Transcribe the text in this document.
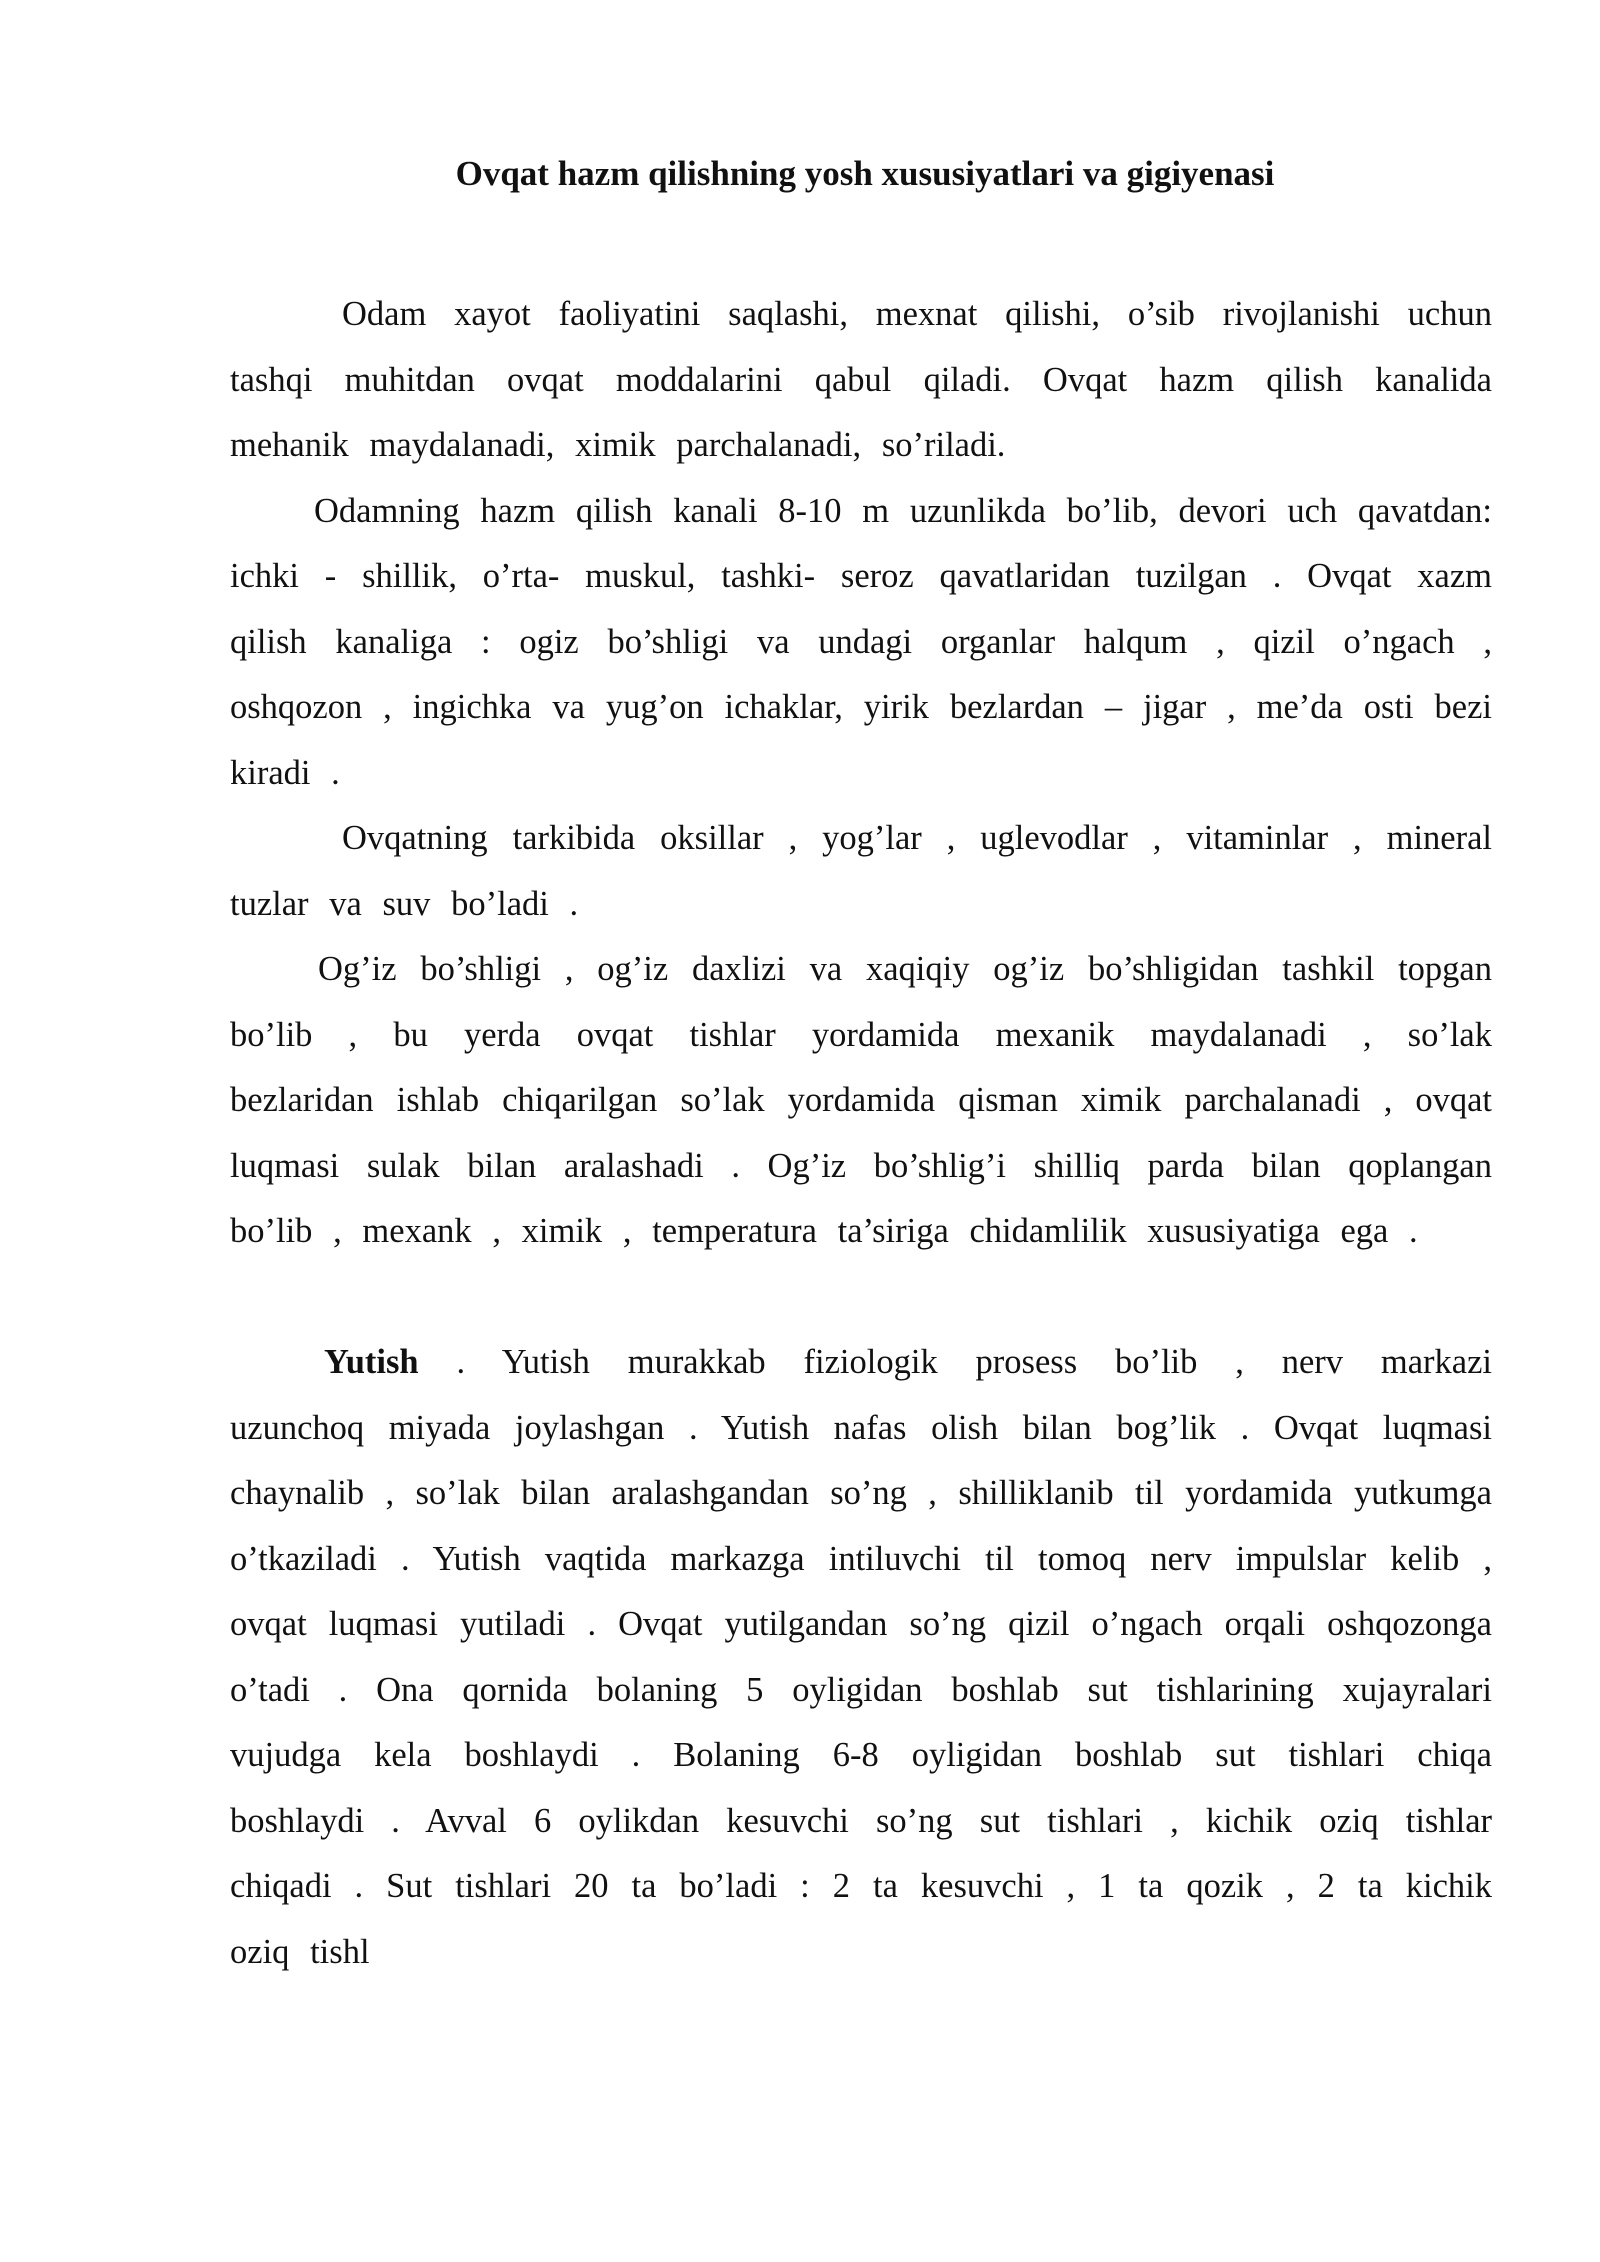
Ovqat hazm qilishning yosh xususiyatlari va gigiyenasi

Odam xayot faoliyatini saqlashi, mexnat qilishi, o’sib rivojlanishi uchun tashqi muhitdan ovqat moddalarini qabul qiladi. Ovqat hazm qilish kanalida mehanik maydalanadi, ximik parchalanadi, so’riladi.

Odamning hazm qilish kanali 8-10 m uzunlikda bo’lib, devori uch qavatdan: ichki - shillik, o’rta- muskul, tashki- seroz qavatlaridan tuzilgan . Ovqat xazm qilish kanaliga : ogiz bo’shligi va undagi organlar halqum , qizil o’ngach , oshqozon , ingichka va yug’on ichaklar, yirik bezlardan – jigar , me’da osti bezi kiradi .

Ovqatning tarkibida oksillar , yog’lar , uglevodlar , vitaminlar , mineral tuzlar va suv bo’ladi .

Og’iz bo’shligi , og’iz daxlizi va xaqiqiy og’iz bo’shligidan tashkil topgan bo’lib , bu yerda ovqat tishlar yordamida mexanik maydalanadi , so’lak bezlaridan ishlab chiqarilgan so’lak yordamida qisman ximik parchalanadi , ovqat luqmasi sulak bilan aralashadi . Og’iz bo’shlig’i shilliq parda bilan qoplangan bo’lib , mexank , ximik , temperatura ta’siriga chidamlilik xususiyatiga ega .

Yutish . Yutish murakkab fiziologik prosess bo’lib , nerv markazi uzunchoq miyada joylashgan . Yutish nafas olish bilan bog’lik . Ovqat luqmasi chaynalib , so’lak bilan aralashgandan so’ng , shilliklanib til yordamida yutkumga o’tkaziladi . Yutish vaqtida markazga intiluvchi til tomoq nerv impulslar kelib , ovqat luqmasi yutiladi . Ovqat yutilgandan so’ng qizil o’ngach orqali oshqozonga o’tadi . Ona qornida bolaning 5 oyligidan boshlab sut tishlarining xujayralari vujudga kela boshlaydi . Bolaning 6-8 oyligidan boshlab sut tishlari chiqa boshlaydi . Avval 6 oylikdan kesuvchi so’ng sut tishlari , kichik oziq tishlar chiqadi . Sut tishlari 20 ta bo’ladi : 2 ta kesuvchi , 1 ta qozik , 2 ta kichik oziq tishl
